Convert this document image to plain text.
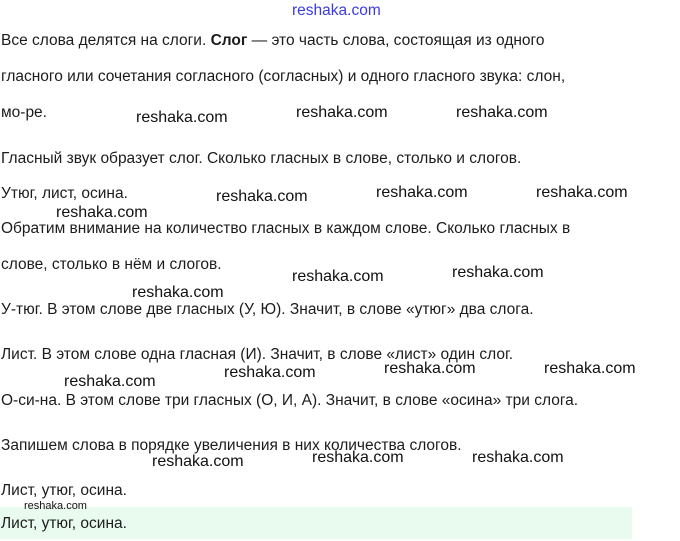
reshaka.com
Все слова делятся на слоги. Слог — это часть слова, состоящая из одного
гласного или сочетания согласного (согласных) и одного гласного звука: слон,
мо-ре.	reshaka.com	reshaka.com	reshaka.com
Гласный звук образует слог. Сколько гласных в слове, столько и слогов.
Утюг, лист, осина.	reshaka.com	reshaka.com	reshaka.com
reshaka.com
Обратим внимание на количество гласных в каждом слове. Сколько гласных в
слове, столько в нём и слогов.
reshaka.com	reshaka.com
reshaka.com
У-тюг. В этом слове две гласных (У, Ю). Значит, в слове «утюг» два слога.
Лист. В этом слове одна гласная (И). Значит, в слове «лист» один слог.
reshaka.com	reshaka.com	reshaka.com
reshaka.com
О-си-на. В этом слове три гласных (О, И, А). Значит, в слове «осина» три слога.
Запишем слова в порядке увеличения в них количества слогов.
reshaka.com	reshaka.com	reshaka.com
Лист, утюг, осина.
reshaka.com
Лист, утюг, осина.
